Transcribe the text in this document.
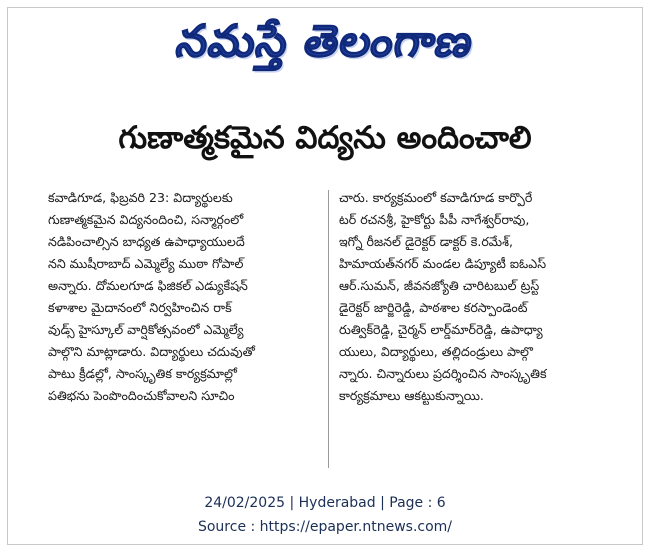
నమస్తే తెలంగాణ
గుణాత్మకమైన విద్యను అందించాలి
కవాడిగూడ, ఫిబ్రవరి 23: విద్యార్థులకు
గుణాత్మకమైన విద్యనందించి, సన్మార్గంలో
నడిపించాల్సిన బాధ్యత ఉపాధ్యాయులదే
నని ముషీరాబాద్ ఎమ్మెల్యే ముఠా గోపాల్
అన్నారు. దోమలగూడ ఫిజికల్ ఎడ్యుకేషన్
కళాశాల మైదానంలో నిర్వహించిన రాక్
వుడ్స్ హైస్కూల్ వార్షికోత్సవంలో ఎమ్మెల్యే
పాల్గొని మాట్లాడారు. విద్యార్థులు చదువుతో
పాటు క్రీడల్లో, సాంస్కృతిక కార్యక్రమాల్లో
పతిభను పెంపొందించుకోవాలని సూచిం
చారు. కార్యక్రమంలో కవాడిగూడ కార్పొరే
టర్ రచనశ్రీ, హైకోర్టు పీపీ నాగేశ్వర్‌రావు,
ఇగ్నో రీజనల్ డైరెక్టర్ డాక్టర్ కె.రమేశ్,
హిమాయత్‌నగర్ మండల డిప్యూటీ ఐఓఎస్
ఆర్.సుమన్, జీవనజ్యోతి చారిటబుల్ ట్రస్ట్
డైరెక్టర్ జార్జిరెడ్డి, పాఠశాల కరస్పాండెంట్
రుత్విక్‌రెడ్డి, చైర్మన్ లార్డ్‌మార్‌రెడ్డి, ఉపాధ్యా
యులు, విద్యార్థులు, తల్లిదండ్రులు పాల్గొ
న్నారు. చిన్నారులు ప్రదర్శించిన సాంస్కృతిక
కార్యక్రమాలు ఆకట్టుకున్నాయి.
24/02/2025 | Hyderabad | Page : 6
Source : https://epaper.ntnews.com/
